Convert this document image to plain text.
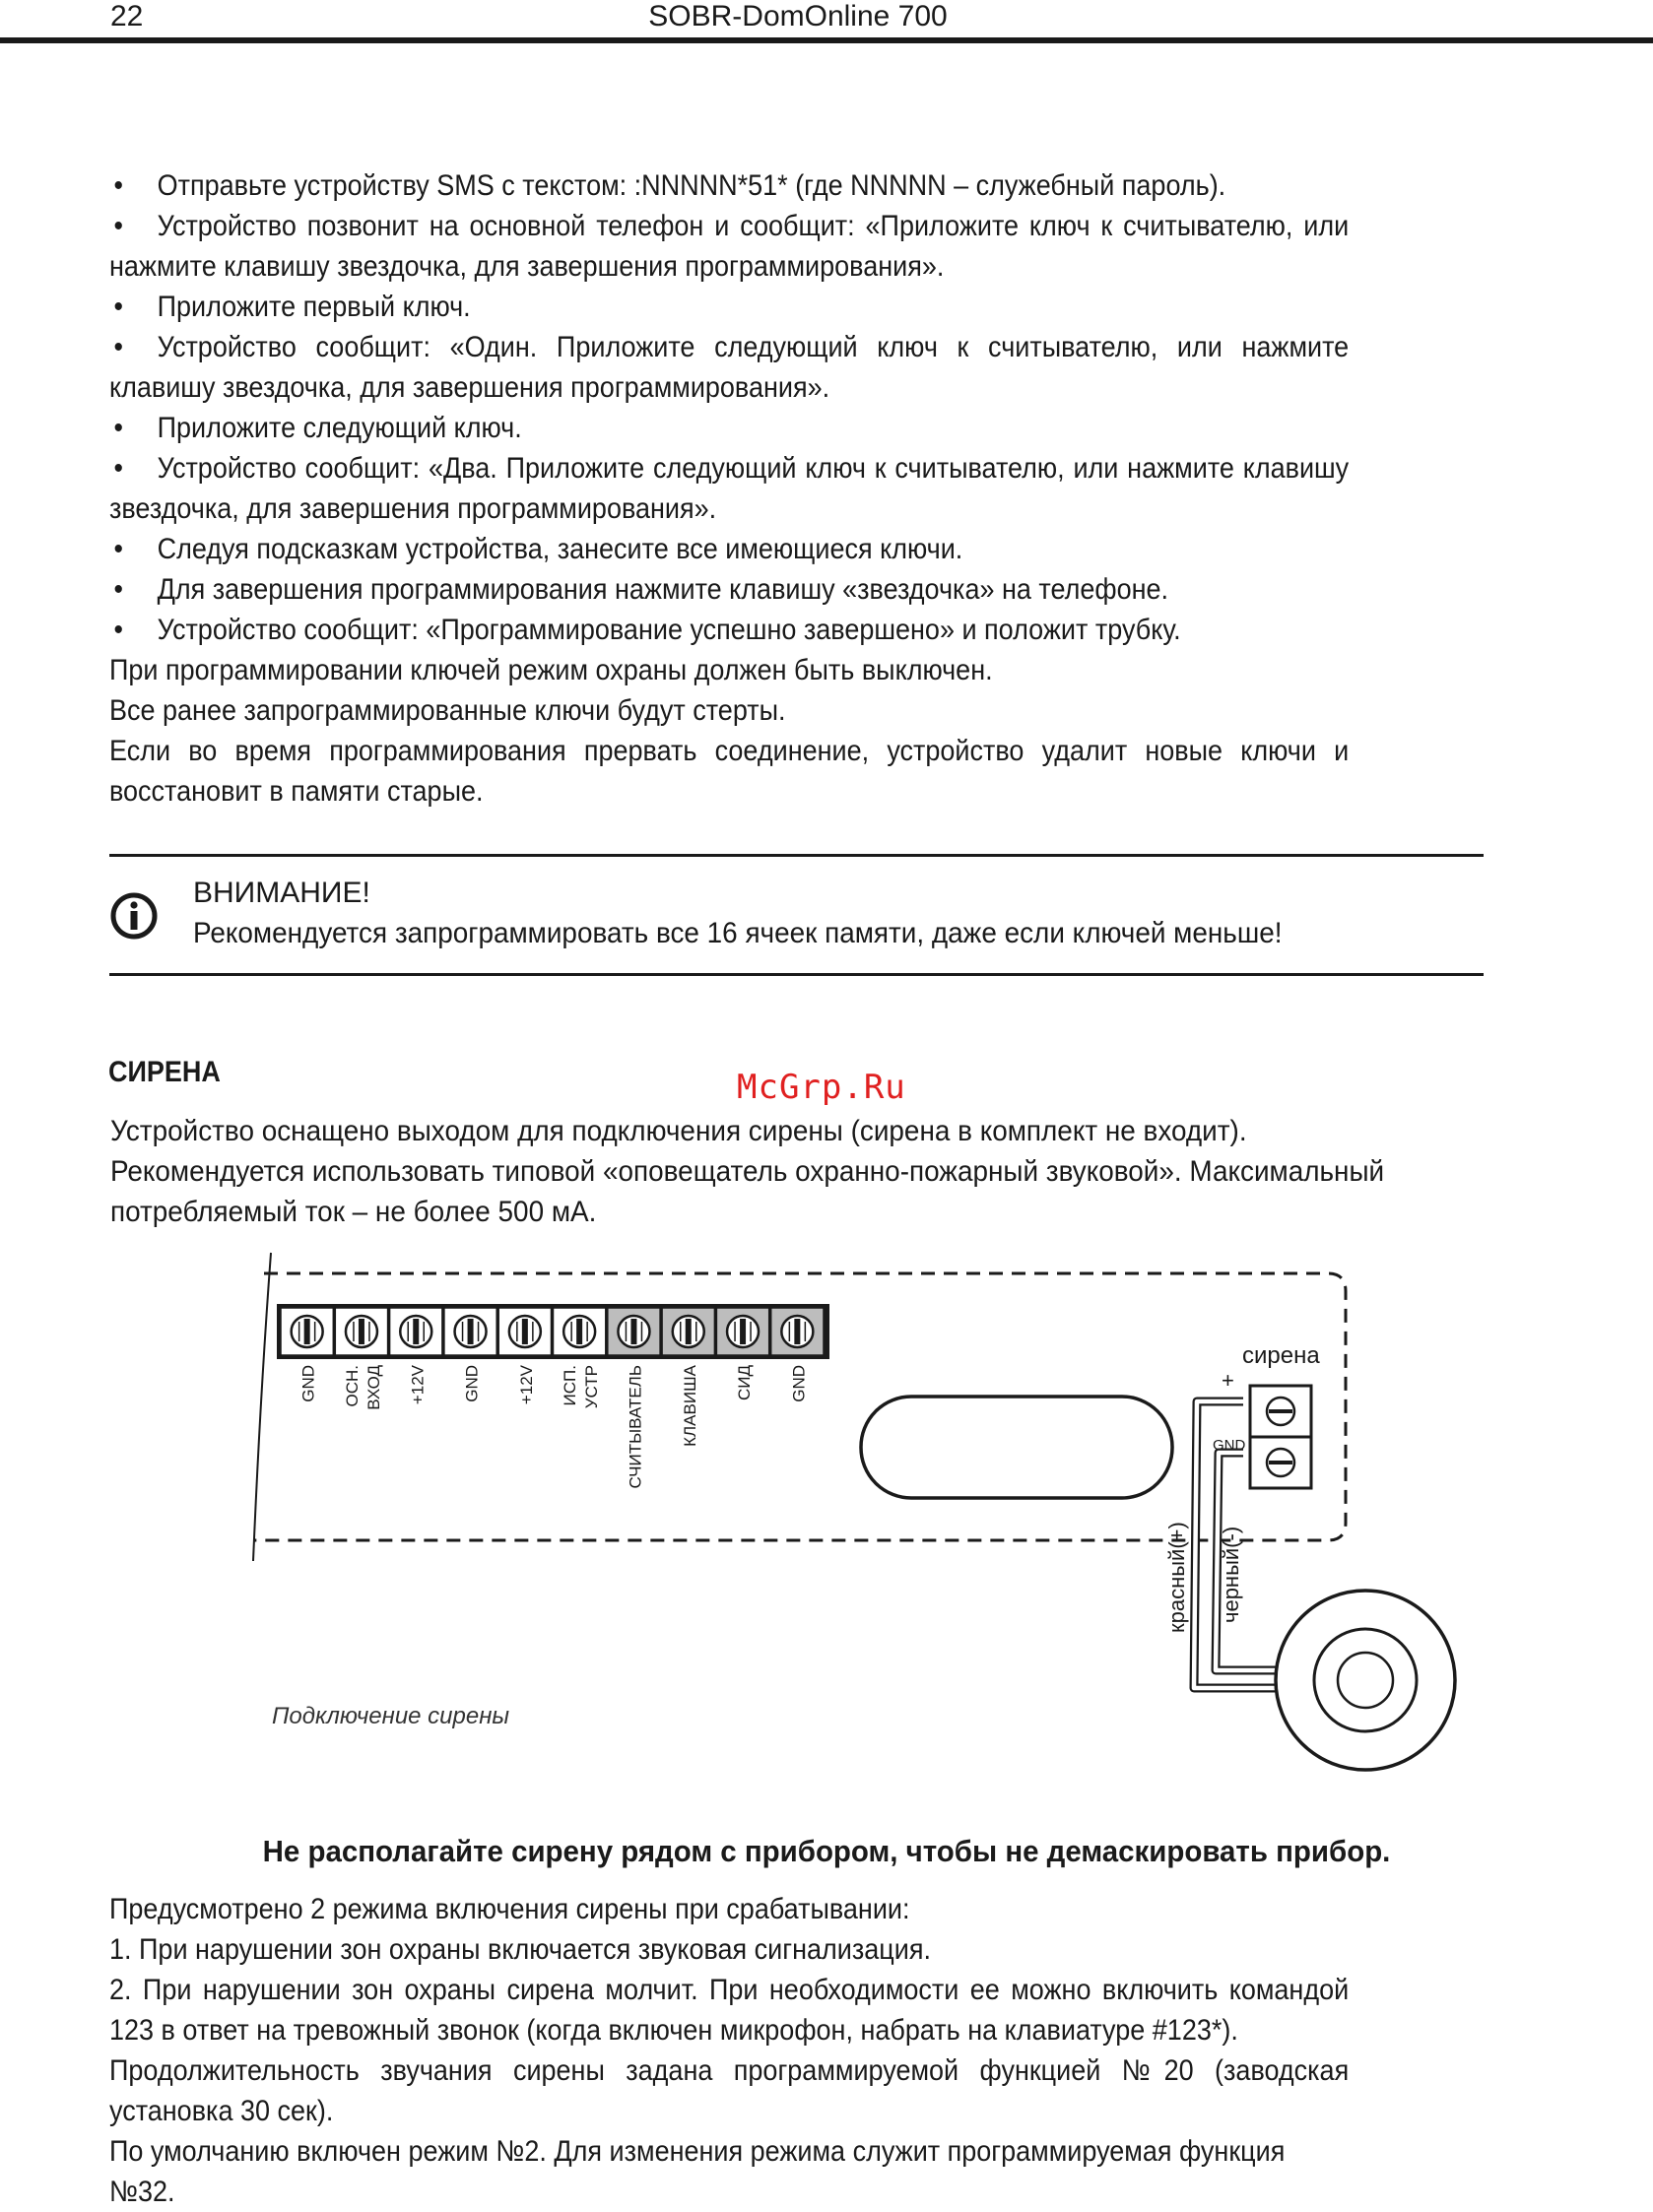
22	SOBR-DomOnline 700

• Отправьте устройству SMS с текстом: :NNNNN*51* (где NNNNN – служебный пароль).

• Устройство позвонит на основной телефон и сообщит: «Приложите ключ к считывателю, или нажмите клавишу звездочка, для завершения программирования».

• Приложите первый ключ.

• Устройство сообщит: «Один. Приложите следующий ключ к считывателю, или нажмите клавишу звездочка, для завершения программирования».

• Приложите следующий ключ.

• Устройство сообщит: «Два. Приложите следующий ключ к считывателю, или нажмите клавишу звездочка, для завершения программирования».

• Следуя подсказкам устройства, занесите все имеющиеся ключи.

• Для завершения программирования нажмите клавишу «звездочка» на телефоне.

• Устройство сообщит: «Программирование успешно завершено» и положит трубку.

При программировании ключей режим охраны должен быть выключен.

Все ранее запрограммированные ключи будут стерты.

Если во время программирования прервать соединение, устройство удалит новые ключи и восстановит в памяти старые.

ВНИМАНИЕ!
Рекомендуется запрограммировать все 16 ячеек памяти, даже если ключей меньше!
СИРЕНА	McGrp.Ru

Устройство оснащено выходом для подключения сирены (сирена в комплект не входит).

Рекомендуется использовать типовой «оповещатель охранно-пожарный звуковой». Максимальный

потребляемый ток – не более 500 мА.

GND ОСН. ВХОД +12V GND +12V ИСП. УСТР СЧИТЫВАТЕЛЬ КЛАВИША СИД GND
сирена
+
GND
красный(+) черный(-)
Подключение сирены
Не располагайте сирену рядом с прибором, чтобы не демаскировать прибор.

Предусмотрено 2 режима включения сирены при срабатывании:

1. При нарушении зон охраны включается звуковая сигнализация.

2. При нарушении зон охраны сирена молчит. При необходимости ее можно включить командой 123 в ответ на тревожный звонок (когда включен микрофон, набрать на клавиатуре #123*).

Продолжительность звучания сирены задана программируемой функцией №20 (заводская установка 30 сек).

По умолчанию включен режим №2. Для изменения режима служит программируемая функция №32.
